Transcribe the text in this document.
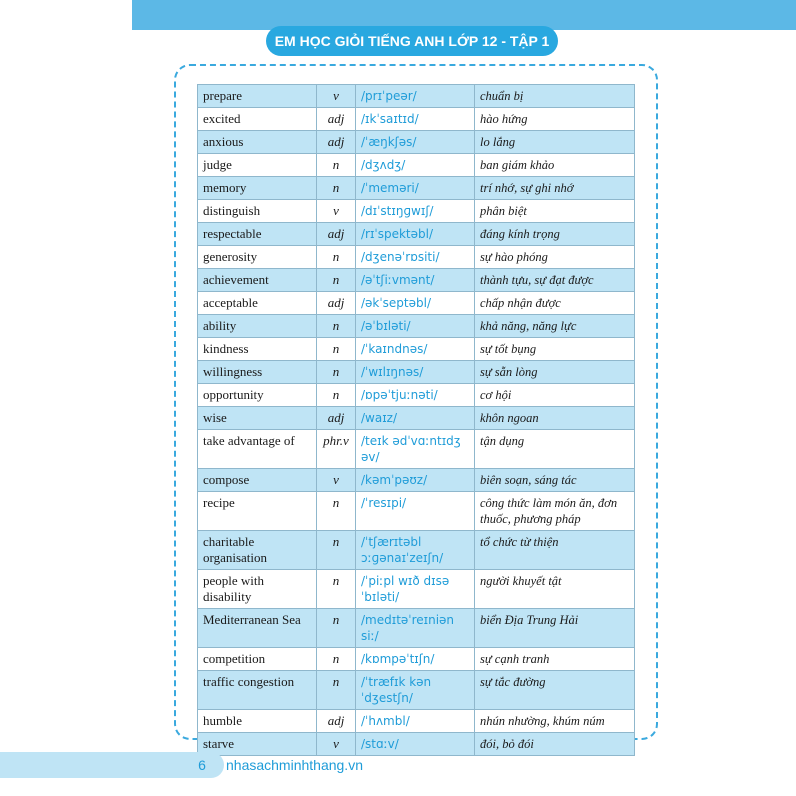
EM HỌC GIỎI TIẾNG ANH LỚP 12 - TẬP 1
prepare	v	/prɪˈpeər/	chuẩn bị
excited	adj	/ɪkˈsaɪtɪd/	hào hứng
anxious	adj	/ˈæŋkʃəs/	lo lắng
judge	n	/dʒʌdʒ/	ban giám khảo
memory	n	/ˈmeməri/	trí nhớ, sự ghi nhớ
distinguish	v	/dɪˈstɪŋɡwɪʃ/	phân biệt
respectable	adj	/rɪˈspektəbl/	đáng kính trọng
generosity	n	/dʒenəˈrɒsiti/	sự hào phóng
achievement	n	/əˈtʃiːvmənt/	thành tựu, sự đạt được
acceptable	adj	/əkˈseptəbl/	chấp nhận được
ability	n	/əˈbɪləti/	khả năng, năng lực
kindness	n	/ˈkaɪndnəs/	sự tốt bụng
willingness	n	/ˈwɪlɪŋnəs/	sự sẵn lòng
opportunity	n	/ɒpəˈtjuːnəti/	cơ hội
wise	adj	/waɪz/	khôn ngoan
take advantage of	phr.v	/teɪk ədˈvɑːntɪdʒ əv/	tận dụng
compose	v	/kəmˈpəʊz/	biên soạn, sáng tác
recipe	n	/ˈresɪpi/	công thức làm món ăn, đơn thuốc, phương pháp
charitable organisation	n	/ˈtʃærɪtəbl ɔːɡənaɪˈzeɪʃn/	tổ chức từ thiện
people with disability	n	/ˈpiːpl wɪð dɪsəˈbɪləti/	người khuyết tật
Mediterranean Sea	n	/medɪtəˈreɪniən siː/	biển Địa Trung Hải
competition	n	/kɒmpəˈtɪʃn/	sự cạnh tranh
traffic congestion	n	/ˈtræfɪk kənˈdʒestʃn/	sự tắc đường
humble	adj	/ˈhʌmbl/	nhún nhường, khúm núm
starve	v	/stɑːv/	đói, bỏ đói
6	nhasachminhthang.vn
